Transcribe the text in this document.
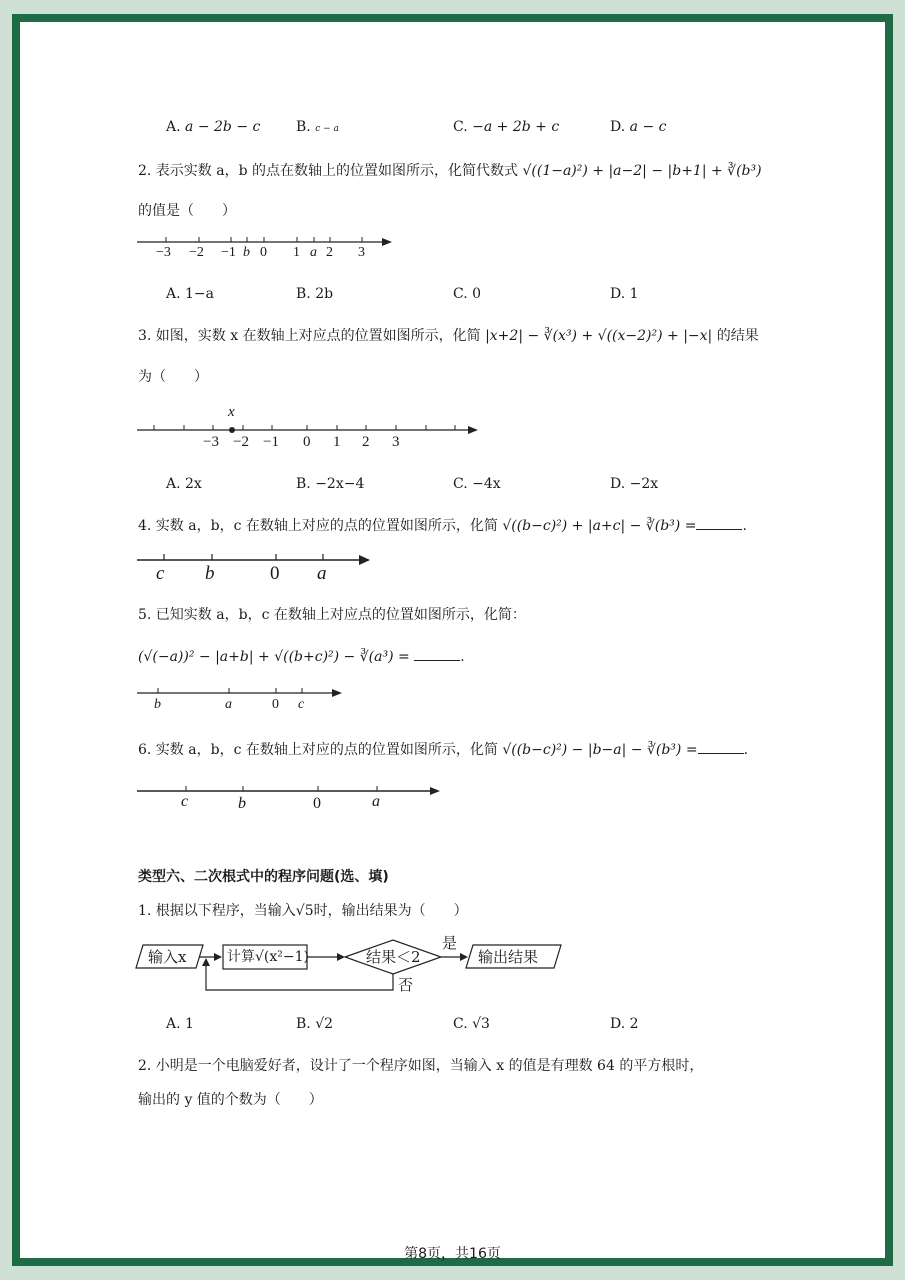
A. a − 2b − c	B. c − a	C. −a + 2b + c	D. a − c
2. 表示实数 a，b 的点在数轴上的位置如图所示，化简代数式 √((1−a)²) + |a−2| − |b+1| + ∛(b³)
的值是（　　）
−3 −2 −1 b 0 1 a 2 3
A. 1−a	B. 2b	C. 0	D. 1
3. 如图，实数 x 在数轴上对应点的位置如图所示，化简 |x+2| − ∛(x³) + √((x−2)²) + |−x| 的结果
为（　　）
x
−3 −2 −1 0 1 2 3
A. 2x	B. −2x−4	C. −4x	D. −2x
4. 实数 a，b，c 在数轴上对应的点的位置如图所示，化简 √((b−c)²) + |a+c| − ∛(b³) =	.
c b	0 a
5. 已知实数 a，b，c 在数轴上对应点的位置如图所示，化简：
(√(−a))² − |a+b| + √((b+c)²) − ∛(a³) =	.
b	a	0 c
6. 实数 a，b，c 在数轴上对应的点的位置如图所示，化简 √((b−c)²) − |b−a| − ∛(b³) =	.
c	b	0	a
类型六、二次根式中的程序问题(选、填)
1. 根据以下程序，当输入√5时，输出结果为（　　）
输入x	计算√(x²−1)	结果＜2
是
否
输出结果
A. 1	B. √2	C. √3	D. 2
2. 小明是一个电脑爱好者，设计了一个程序如图，当输入 x 的值是有理数 64 的平方根时，
输出的 y 值的个数为（　　）
第8页，共16页
